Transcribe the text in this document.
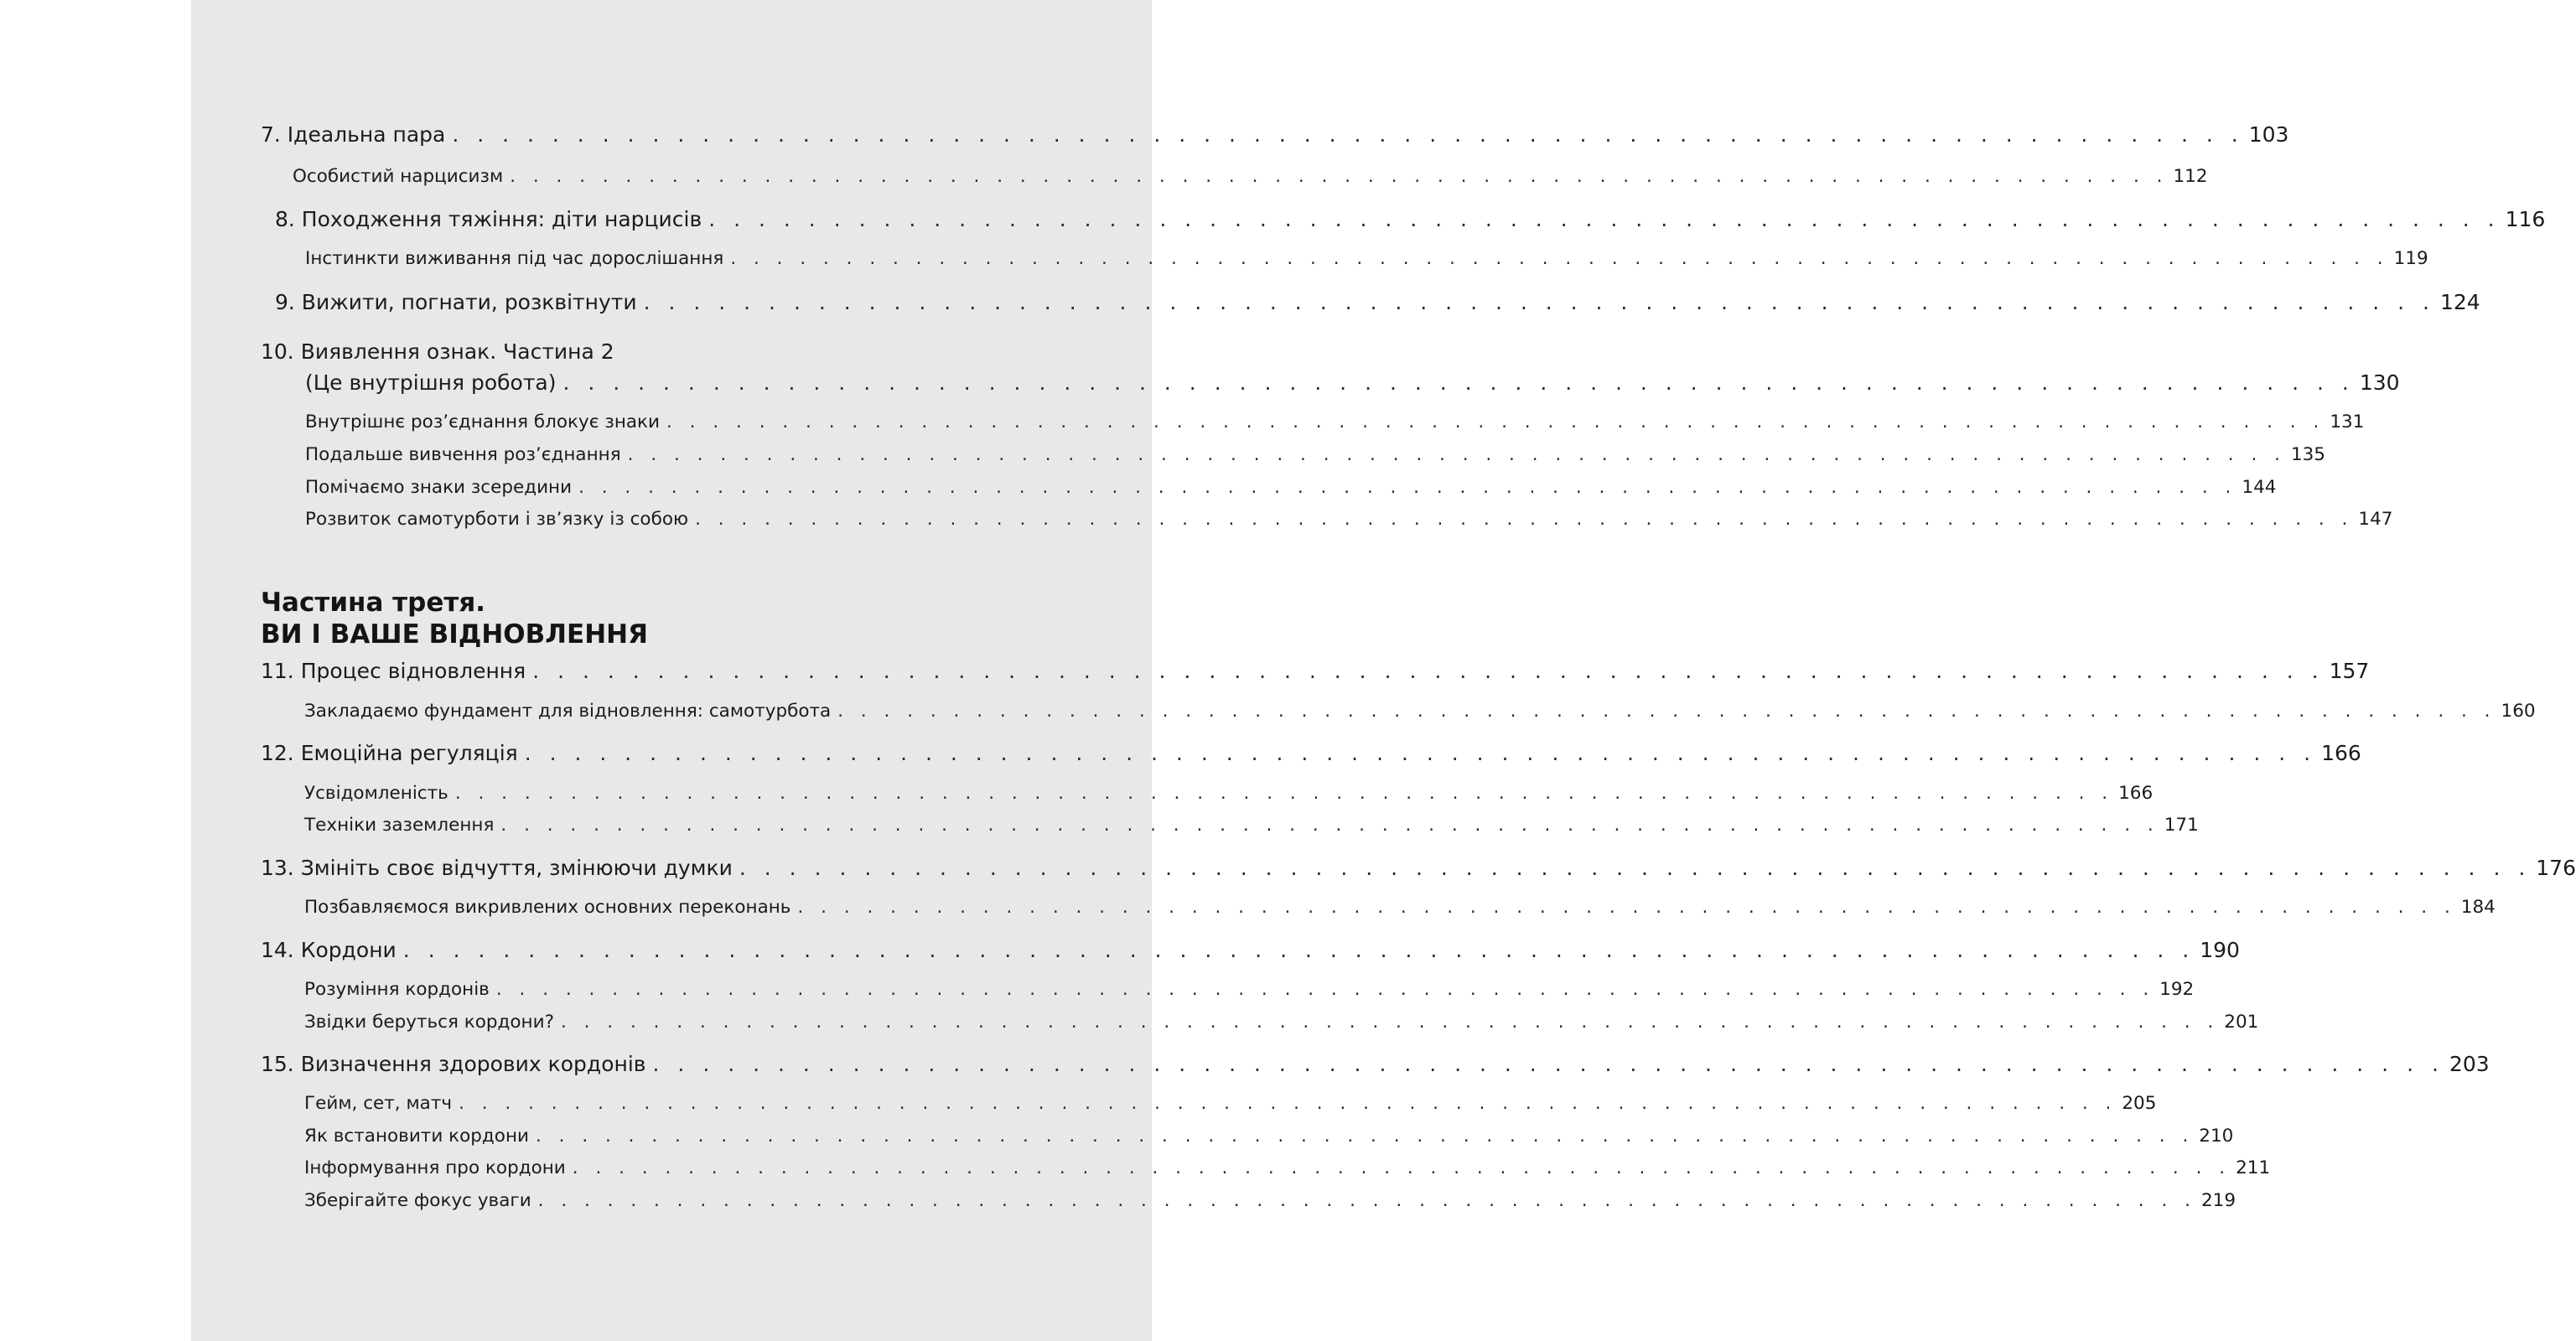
7. Ідеальна пара . . . . . . . . . . . . . . . . . . . . . . . . . . . . . . . . . . . . . . . . . . . . . . . . . . . . . . . . . . . . . . . . . . . . . . . . 103
Особистий нарцисизм . . . . . . . . . . . . . . . . . . . . . . . . . . . . . . . . . . . . . . . . . . . . . . . . . . . . . . . . . . . . . . . . . . . . . . . . 112
8. Походження тяжіння: діти нарцисів . . . . . . . . . . . . . . . . . . . . . . . . . . . . . . . . . . . . . . . . . . . . . . . . . . . . . . . . . . . . . . . . . . . . . . . . 116
Інстинкти виживання під час дорослішання . . . . . . . . . . . . . . . . . . . . . . . . . . . . . . . . . . . . . . . . . . . . . . . . . . . . . . . . . . . . . . . . . . . . . . . . 119
9. Вижити, погнати, розквітнути . . . . . . . . . . . . . . . . . . . . . . . . . . . . . . . . . . . . . . . . . . . . . . . . . . . . . . . . . . . . . . . . . . . . . . . . 124
10. Виявлення ознак. Частина 2
(Це внутрішня робота) . . . . . . . . . . . . . . . . . . . . . . . . . . . . . . . . . . . . . . . . . . . . . . . . . . . . . . . . . . . . . . . . . . . . . . . . 130
Внутрішнє роз’єднання блокує знаки . . . . . . . . . . . . . . . . . . . . . . . . . . . . . . . . . . . . . . . . . . . . . . . . . . . . . . . . . . . . . . . . . . . . . . . . 131
Подальше вивчення роз’єднання . . . . . . . . . . . . . . . . . . . . . . . . . . . . . . . . . . . . . . . . . . . . . . . . . . . . . . . . . . . . . . . . . . . . . . . . 135
Помічаємо знаки зсередини . . . . . . . . . . . . . . . . . . . . . . . . . . . . . . . . . . . . . . . . . . . . . . . . . . . . . . . . . . . . . . . . . . . . . . . . 144
Розвиток самотурботи і зв’язку із собою . . . . . . . . . . . . . . . . . . . . . . . . . . . . . . . . . . . . . . . . . . . . . . . . . . . . . . . . . . . . . . . . . . . . . . . . 147
Частина третя.
ВИ І ВАШЕ ВІДНОВЛЕННЯ
11. Процес відновлення . . . . . . . . . . . . . . . . . . . . . . . . . . . . . . . . . . . . . . . . . . . . . . . . . . . . . . . . . . . . . . . . . . . . . . . . 157
Закладаємо фундамент для відновлення: самотурбота . . . . . . . . . . . . . . . . . . . . . . . . . . . . . . . . . . . . . . . . . . . . . . . . . . . . . . . . . . . . . . . . . . . . . . . . 160
12. Емоційна регуляція . . . . . . . . . . . . . . . . . . . . . . . . . . . . . . . . . . . . . . . . . . . . . . . . . . . . . . . . . . . . . . . . . . . . . . . . 166
Усвідомленість . . . . . . . . . . . . . . . . . . . . . . . . . . . . . . . . . . . . . . . . . . . . . . . . . . . . . . . . . . . . . . . . . . . . . . . . 166
Техніки заземлення . . . . . . . . . . . . . . . . . . . . . . . . . . . . . . . . . . . . . . . . . . . . . . . . . . . . . . . . . . . . . . . . . . . . . . . . 171
13. Змініть своє відчуття, змінюючи думки . . . . . . . . . . . . . . . . . . . . . . . . . . . . . . . . . . . . . . . . . . . . . . . . . . . . . . . . . . . . . . . . . . . . . . . . 176
Позбавляємося викривлених основних переконань . . . . . . . . . . . . . . . . . . . . . . . . . . . . . . . . . . . . . . . . . . . . . . . . . . . . . . . . . . . . . . . . . . . . . . . . 184
14. Кордони . . . . . . . . . . . . . . . . . . . . . . . . . . . . . . . . . . . . . . . . . . . . . . . . . . . . . . . . . . . . . . . . . . . . . . . . 190
Розуміння кордонів . . . . . . . . . . . . . . . . . . . . . . . . . . . . . . . . . . . . . . . . . . . . . . . . . . . . . . . . . . . . . . . . . . . . . . . . 192
Звідки беруться кордони? . . . . . . . . . . . . . . . . . . . . . . . . . . . . . . . . . . . . . . . . . . . . . . . . . . . . . . . . . . . . . . . . . . . . . . . . 201
15. Визначення здорових кордонів . . . . . . . . . . . . . . . . . . . . . . . . . . . . . . . . . . . . . . . . . . . . . . . . . . . . . . . . . . . . . . . . . . . . . . . . 203
Гейм, сет, матч . . . . . . . . . . . . . . . . . . . . . . . . . . . . . . . . . . . . . . . . . . . . . . . . . . . . . . . . . . . . . . . . . . . . . . . . 205
Як встановити кордони . . . . . . . . . . . . . . . . . . . . . . . . . . . . . . . . . . . . . . . . . . . . . . . . . . . . . . . . . . . . . . . . . . . . . . . . 210
Інформування про кордони . . . . . . . . . . . . . . . . . . . . . . . . . . . . . . . . . . . . . . . . . . . . . . . . . . . . . . . . . . . . . . . . . . . . . . . . 211
Зберігайте фокус уваги . . . . . . . . . . . . . . . . . . . . . . . . . . . . . . . . . . . . . . . . . . . . . . . . . . . . . . . . . . . . . . . . . . . . . . . . 219
